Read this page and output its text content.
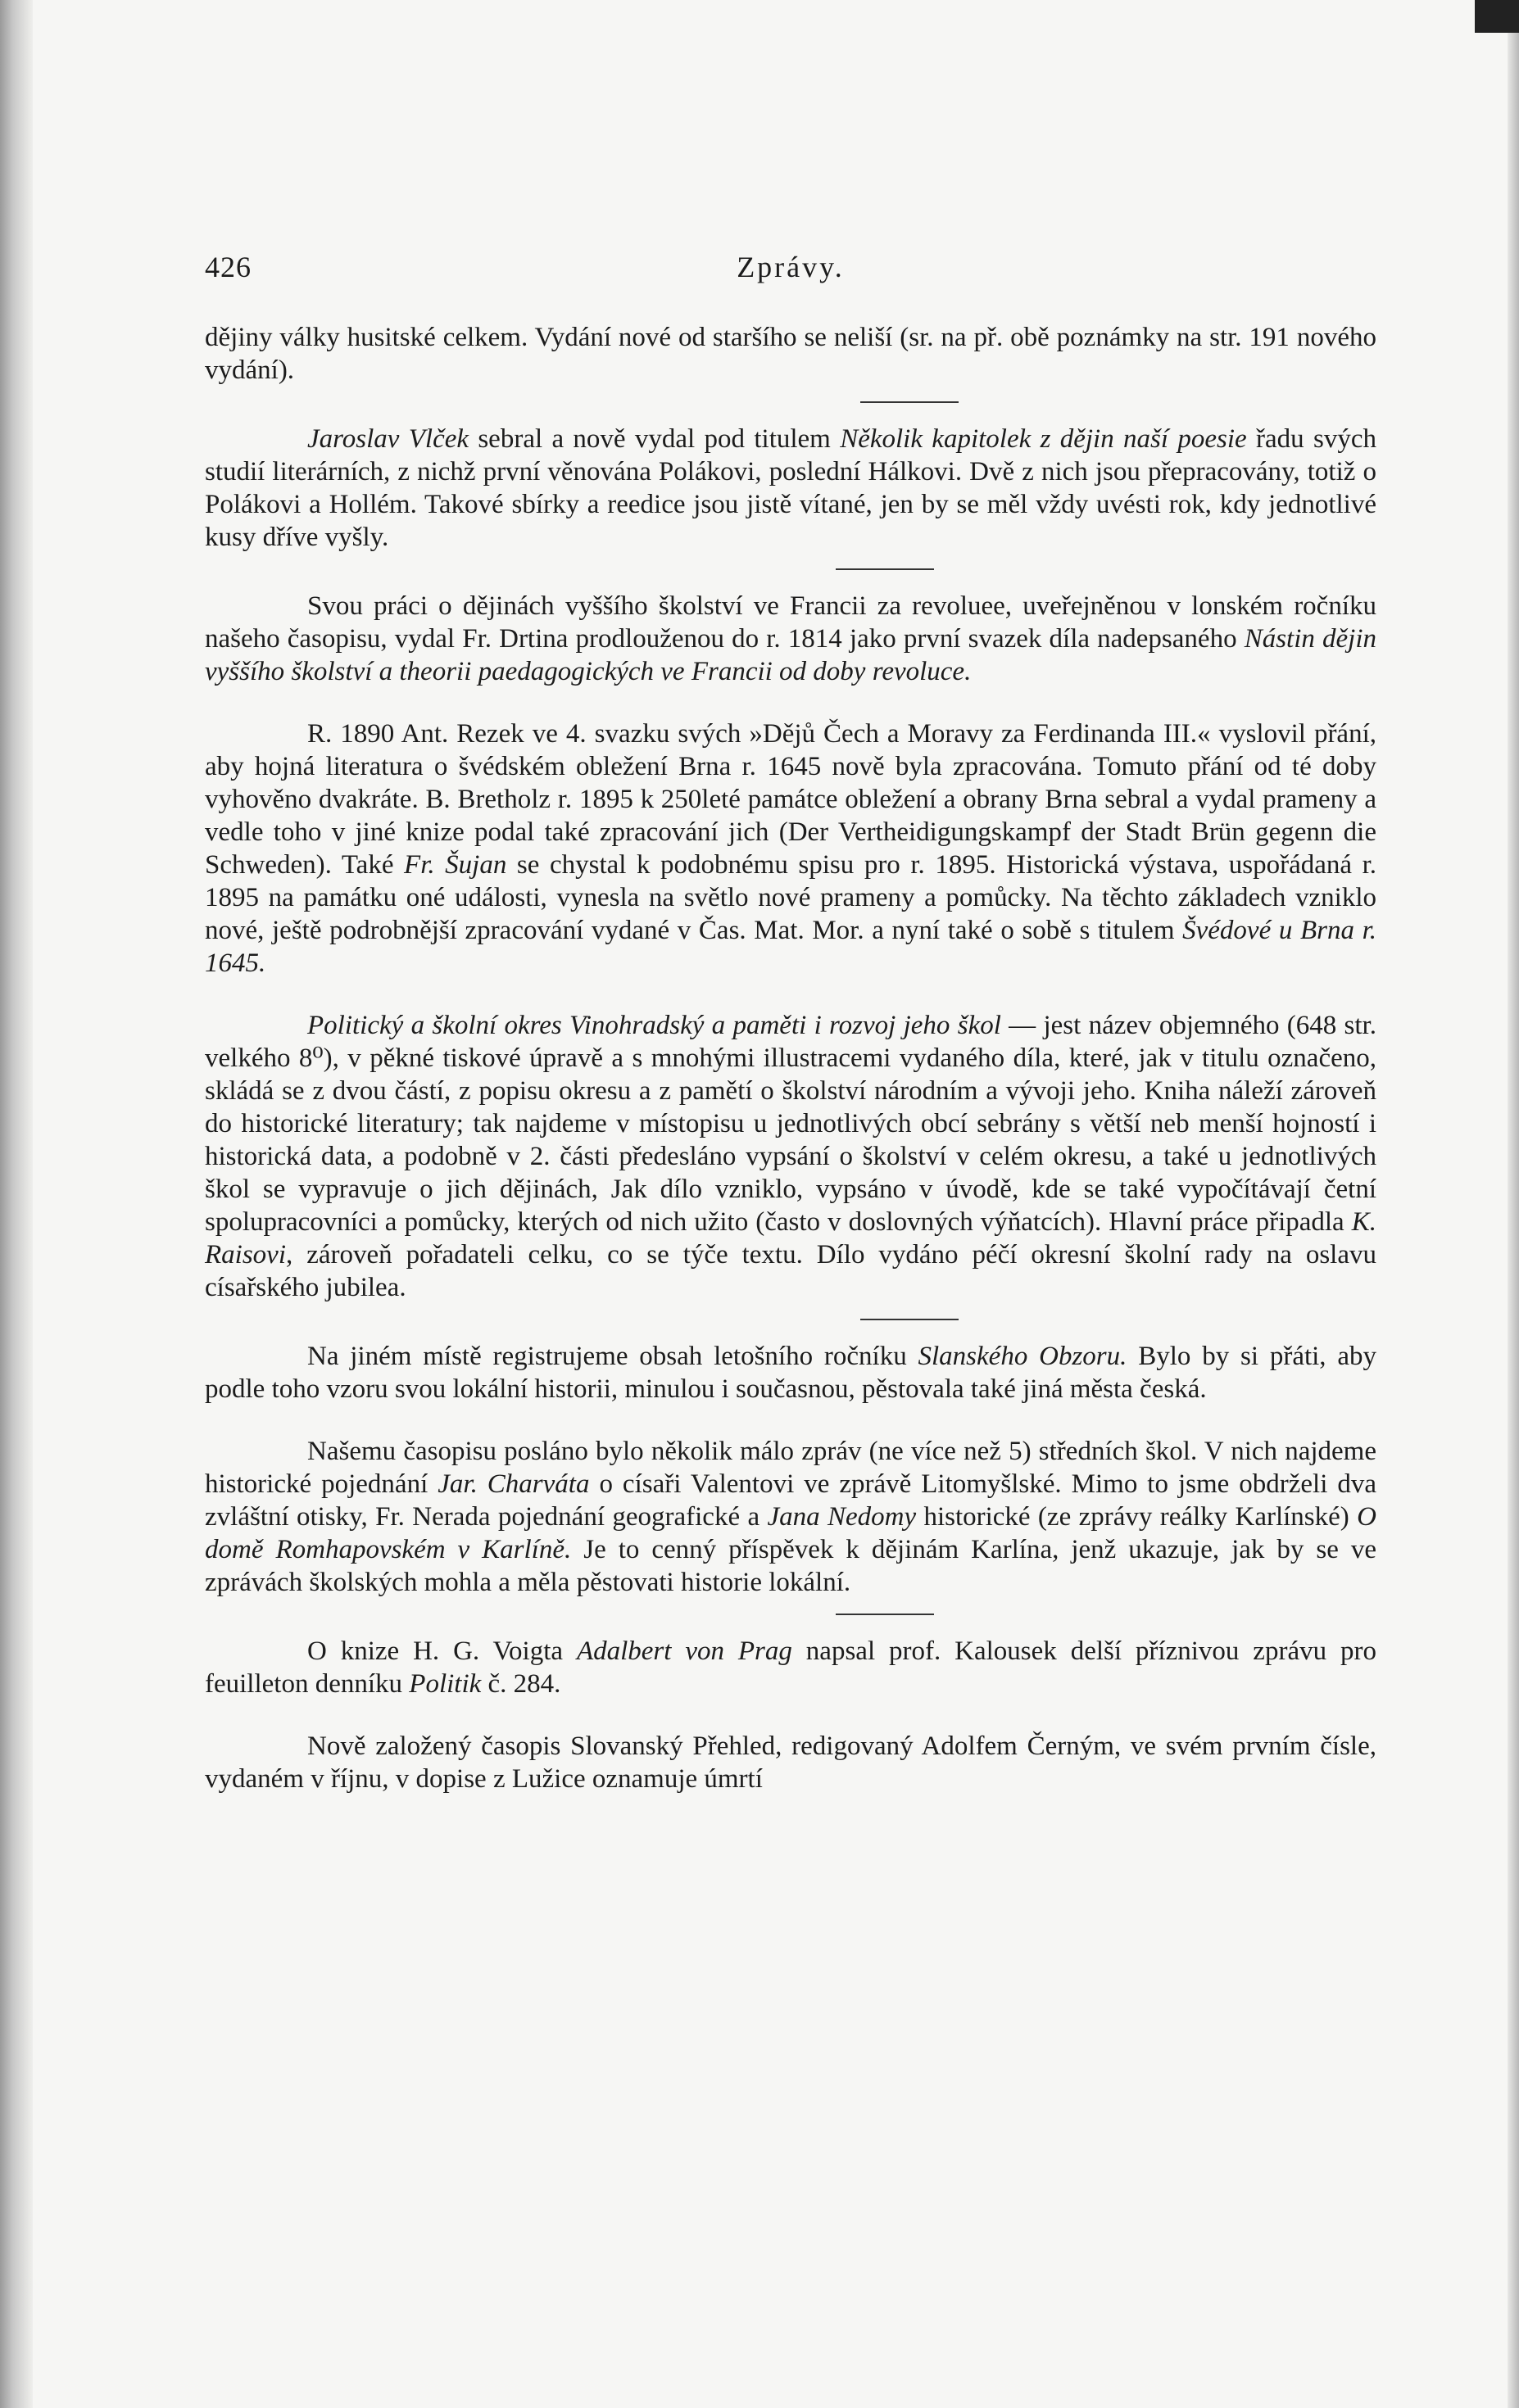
426	Zprávy.

dějiny války husitské celkem. Vydání nové od staršího se neliší (sr. na př. obě poznámky na str. 191 nového vydání).

Jaroslav Vlček sebral a nově vydal pod titulem Několik kapitolek z dějin naší poesie řadu svých studií literárních, z nichž první věnována Polákovi, poslední Hálkovi. Dvě z nich jsou přepracovány, totiž o Polákovi a Hollém. Takové sbírky a reedice jsou jistě vítané, jen by se měl vždy uvésti rok, kdy jednotlivé kusy dříve vyšly.

Svou práci o dějinách vyššího školství ve Francii za revoluee, uveřejněnou v lonském ročníku našeho časopisu, vydal Fr. Drtina prodlouženou do r. 1814 jako první svazek díla nadepsaného Nástin dějin vyššího školství a theorii paedagogických ve Francii od doby revoluce.

R. 1890 Ant. Rezek ve 4. svazku svých »Dějů Čech a Moravy za Ferdinanda III.« vyslovil přání, aby hojná literatura o švédském obležení Brna r. 1645 nově byla zpracována. Tomuto přání od té doby vyhověno dvakráte. B. Bretholz r. 1895 k 250leté památce obležení a obrany Brna sebral a vydal prameny a vedle toho v jiné knize podal také zpracování jich (Der Vertheidigungskampf der Stadt Brün gegenn die Schweden). Také Fr. Šujan se chystal k podobnému spisu pro r. 1895. Historická výstava, uspořádaná r. 1895 na památku oné události, vynesla na světlo nové prameny a pomůcky. Na těchto základech vzniklo nové, ještě podrobnější zpracování vydané v Čas. Mat. Mor. a nyní také o sobě s titulem Švédové u Brna r. 1645.

Politický a školní okres Vinohradský a paměti i rozvoj jeho škol — jest název objemného (648 str. velkého 8⁰), v pěkné tiskové úpravě a s mnohými illustracemi vydaného díla, které, jak v titulu označeno, skládá se z dvou částí, z popisu okresu a z pamětí o školství národním a vývoji jeho. Kniha náleží zároveň do historické literatury; tak najdeme v místopisu u jednotlivých obcí sebrány s větší neb menší hojností i historická data, a podobně v 2. části předesláno vypsání o školství v celém okresu, a také u jednotlivých škol se vypravuje o jich dějinách, Jak dílo vzniklo, vypsáno v úvodě, kde se také vypočítávají četní spolupracovníci a pomůcky, kterých od nich užito (často v doslovných výňatcích). Hlavní práce připadla K. Raisovi, zároveň pořadateli celku, co se týče textu. Dílo vydáno péčí okresní školní rady na oslavu císařského jubilea.

Na jiném místě registrujeme obsah letošního ročníku Slanského Obzoru. Bylo by si přáti, aby podle toho vzoru svou lokální historii, minulou i současnou, pěstovala také jiná města česká.

Našemu časopisu posláno bylo několik málo zpráv (ne více než 5) středních škol. V nich najdeme historické pojednání Jar. Charváta o císaři Valentovi ve zprávě Litomyšlské. Mimo to jsme obdrželi dva zvláštní otisky, Fr. Nerada pojednání geografické a Jana Nedomy historické (ze zprávy reálky Karlínské) O domě Romhapovském v Karlíně. Je to cenný příspěvek k dějinám Karlína, jenž ukazuje, jak by se ve zprávách školských mohla a měla pěstovati historie lokální.

O knize H. G. Voigta Adalbert von Prag napsal prof. Kalousek delší příznivou zprávu pro feuilleton denníku Politik č. 284.

Nově založený časopis Slovanský Přehled, redigovaný Adolfem Černým, ve svém prvním čísle, vydaném v říjnu, v dopise z Lužice oznamuje úmrtí
